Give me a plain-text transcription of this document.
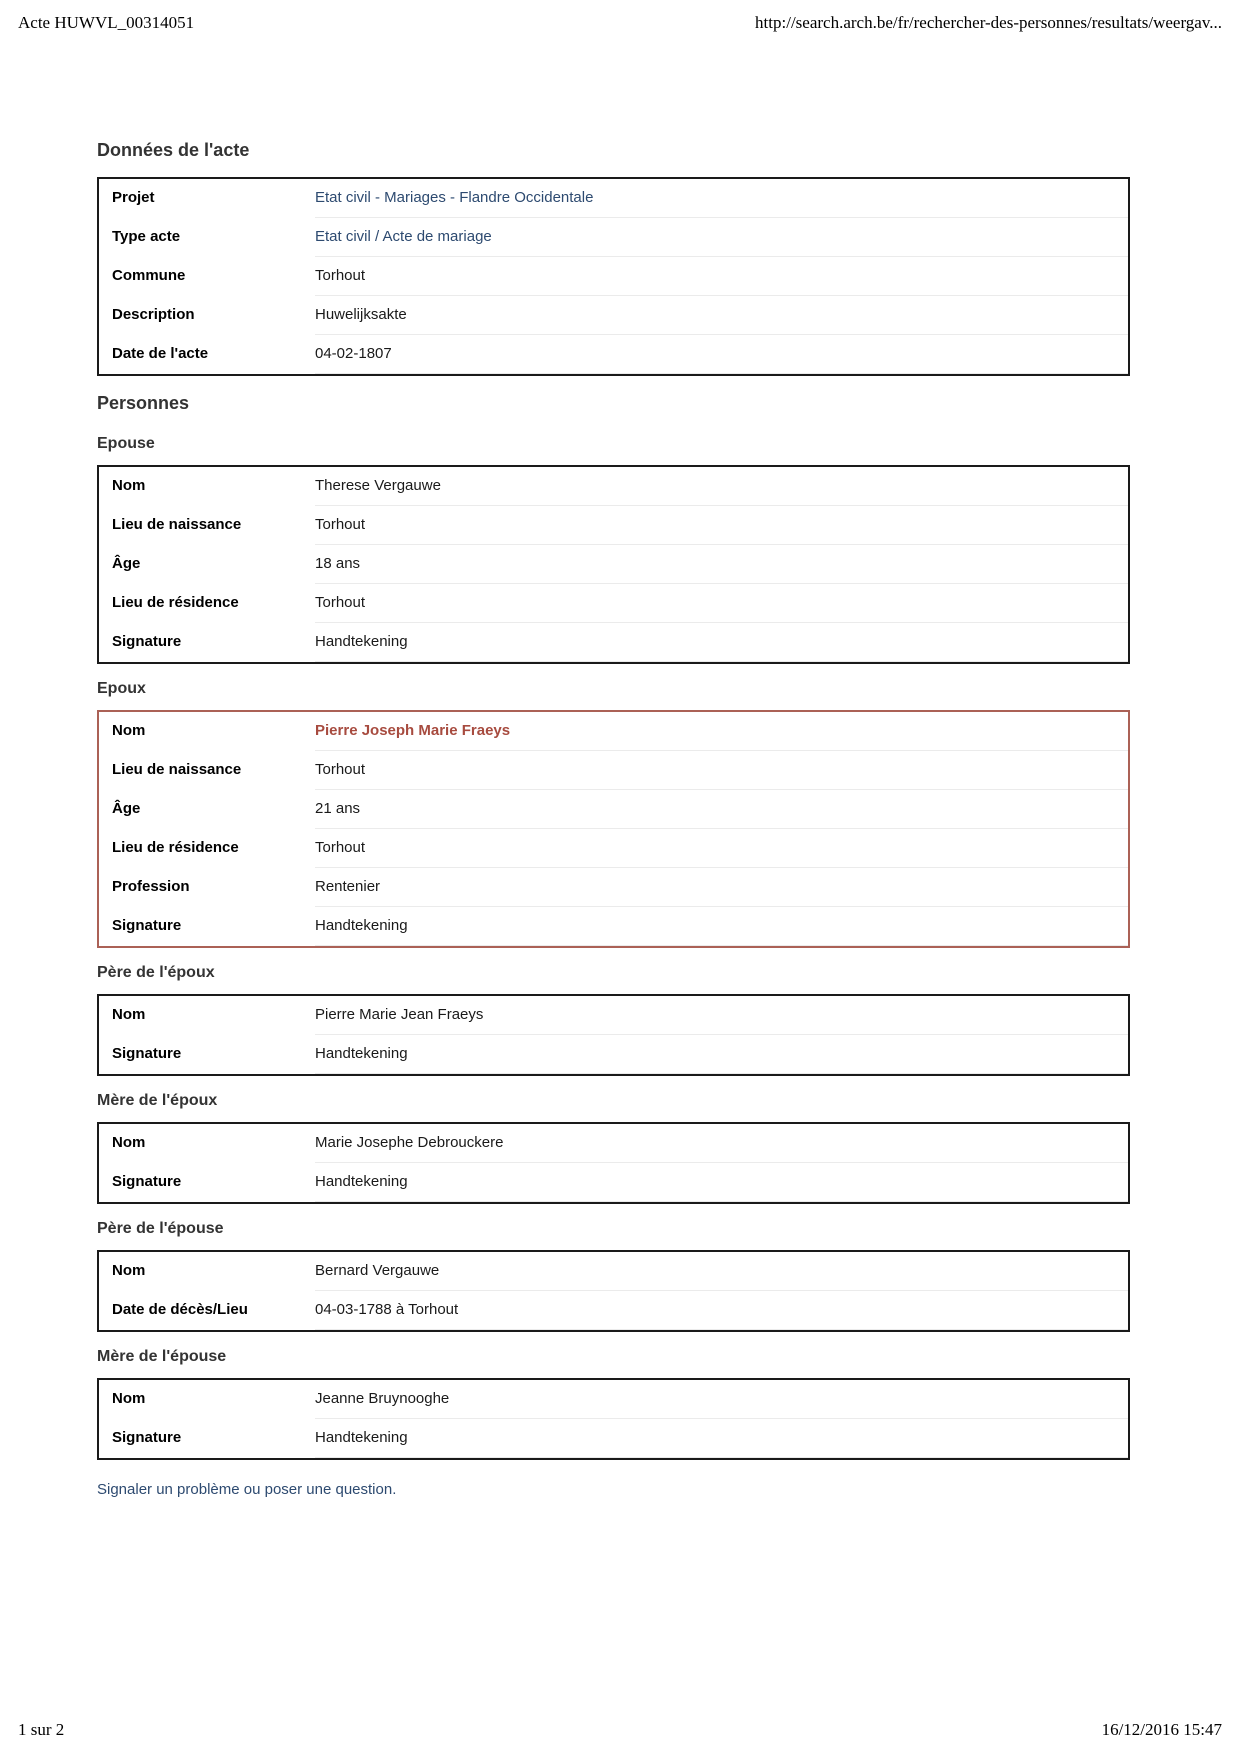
Acte HUWVL_00314051	http://search.arch.be/fr/rechercher-des-personnes/resultats/weergav...
Données de l'acte
Projet	Etat civil - Mariages - Flandre Occidentale
Type acte	Etat civil / Acte de mariage
Commune	Torhout
Description	Huwelijksakte
Date de l'acte	04-02-1807
Personnes
Epouse
Nom	Therese Vergauwe
Lieu de naissance	Torhout
Âge	18 ans
Lieu de résidence	Torhout
Signature	Handtekening
Epoux
Nom	Pierre Joseph Marie Fraeys
Lieu de naissance	Torhout
Âge	21 ans
Lieu de résidence	Torhout
Profession	Rentenier
Signature	Handtekening
Père de l'époux
Nom	Pierre Marie Jean Fraeys
Signature	Handtekening
Mère de l'époux
Nom	Marie Josephe Debrouckere
Signature	Handtekening
Père de l'épouse
Nom	Bernard Vergauwe
Date de décès/Lieu	04-03-1788 à Torhout
Mère de l'épouse
Nom	Jeanne Bruynooghe
Signature	Handtekening
Signaler un problème ou poser une question.
1 sur 2	16/12/2016 15:47
